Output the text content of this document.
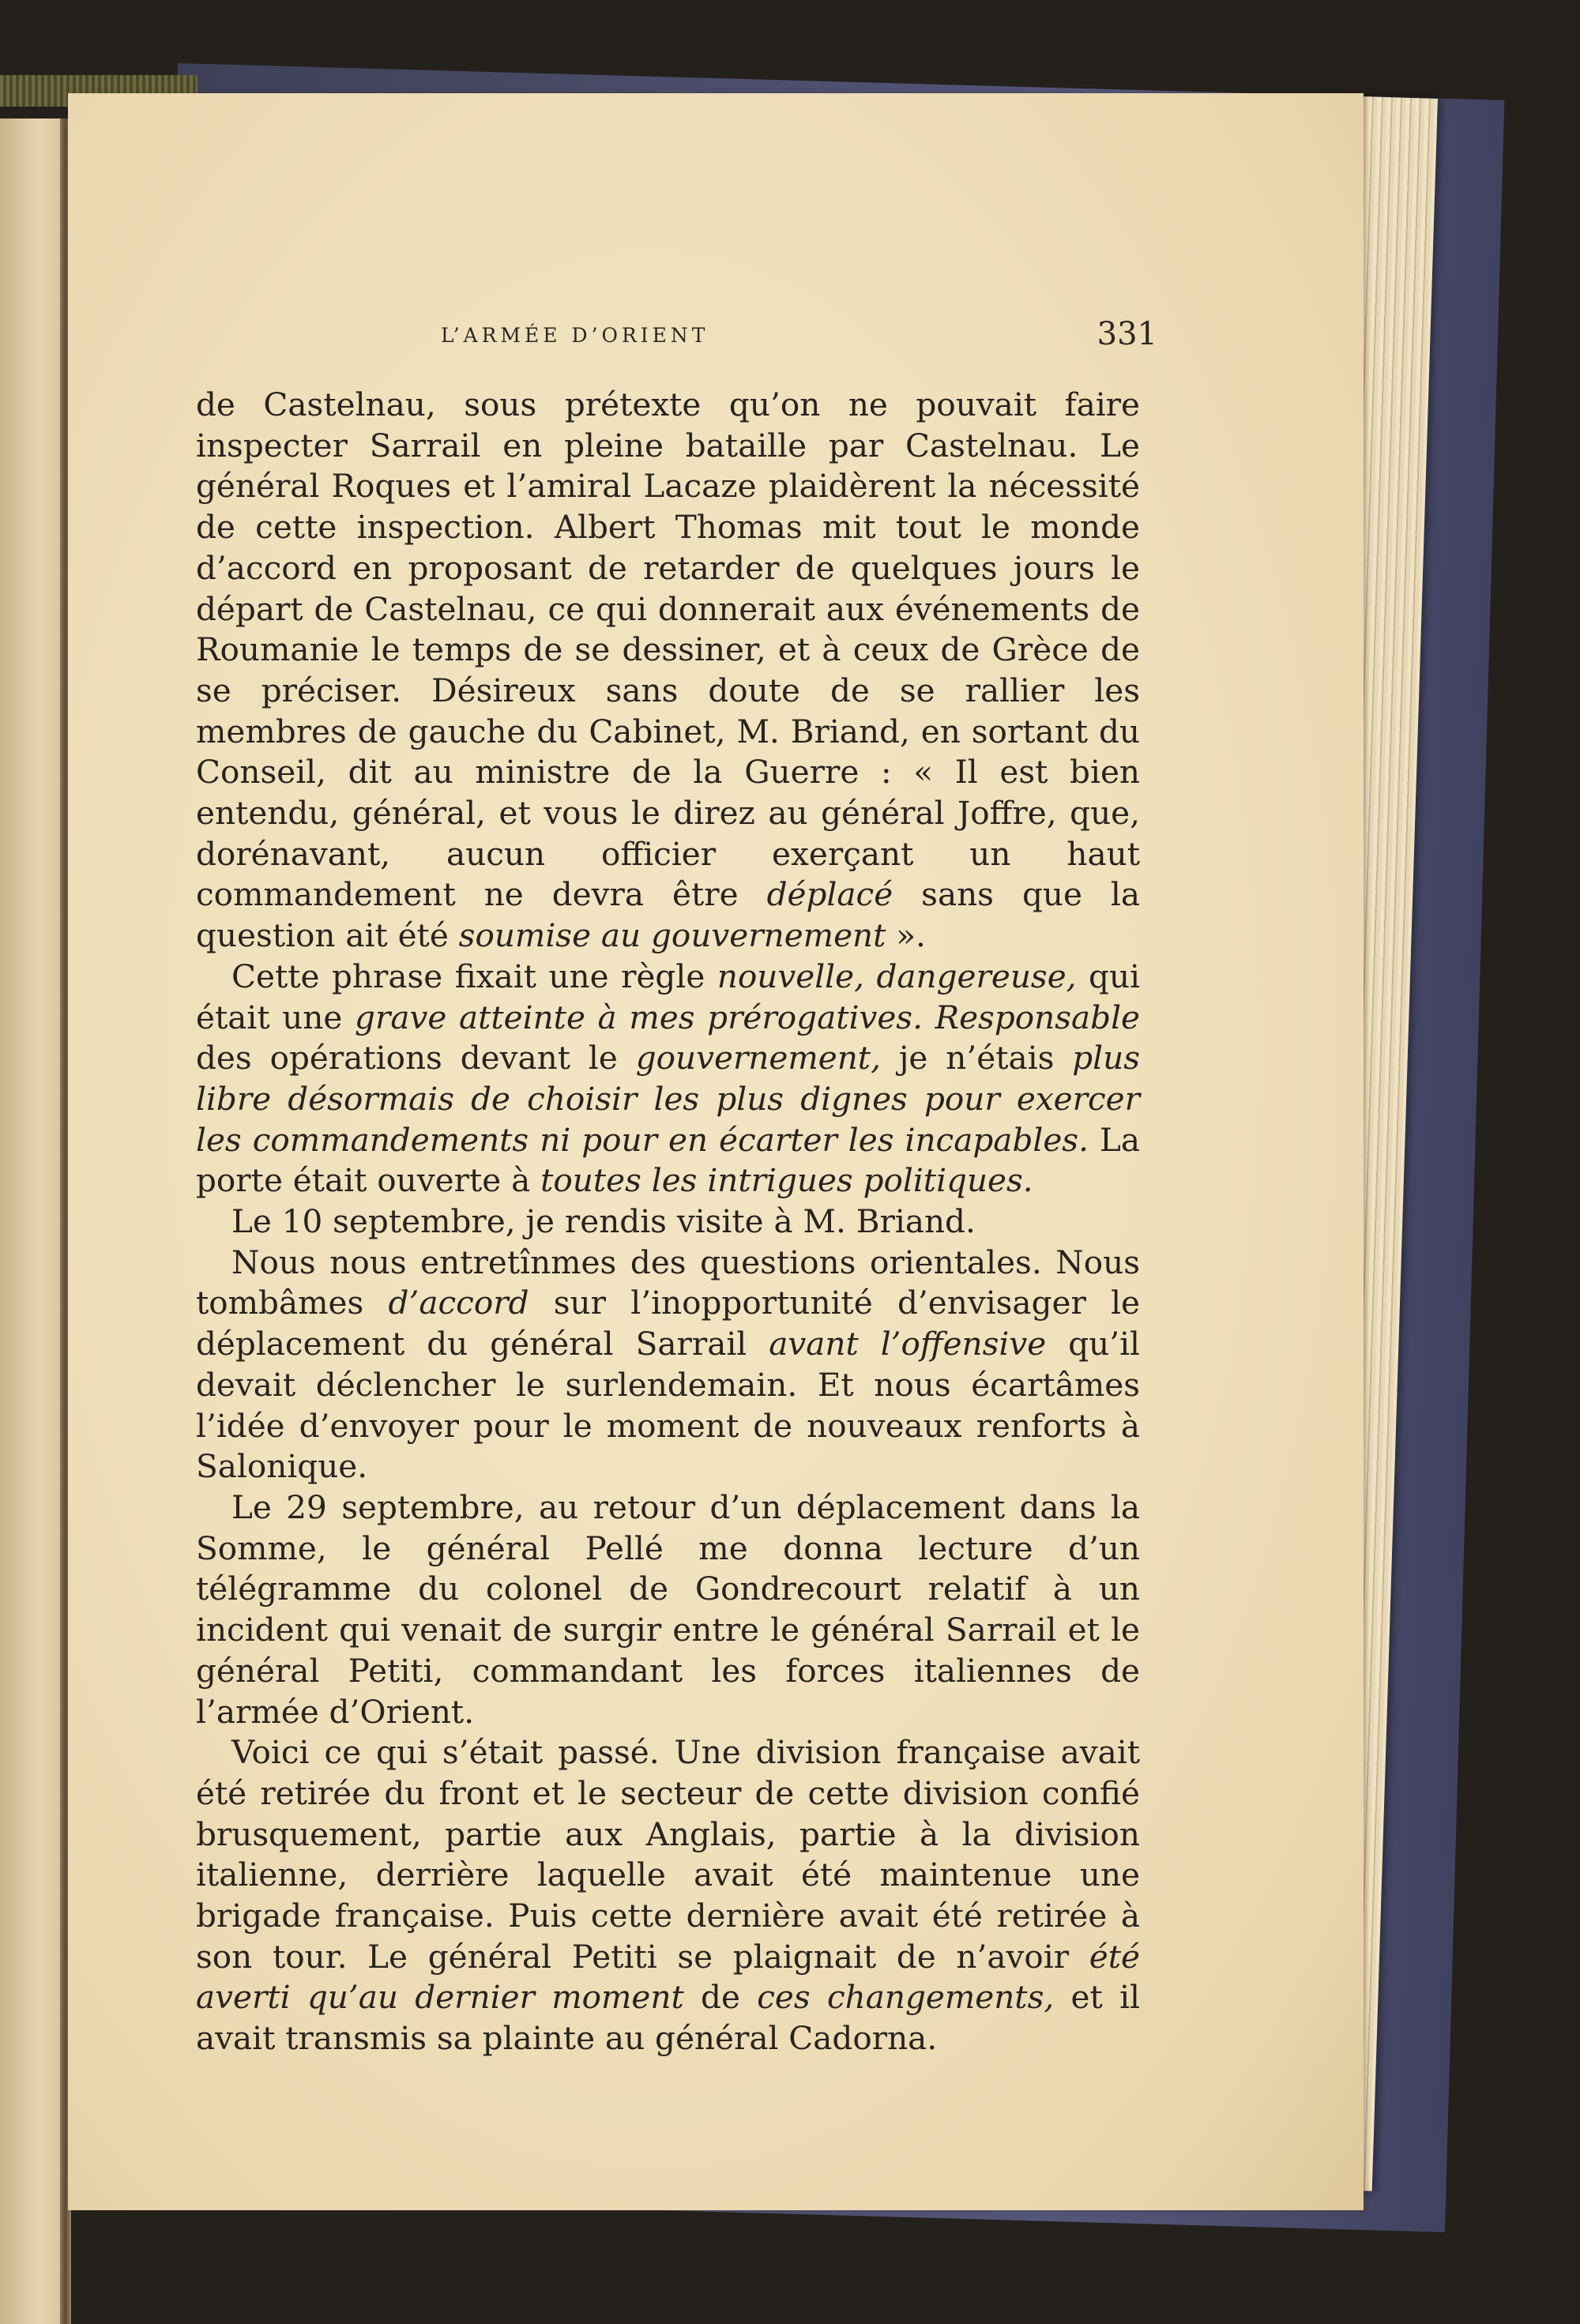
L’ARMÉE D’ORIENT	331

de Castelnau, sous prétexte qu’on ne pouvait faire inspecter Sarrail en pleine bataille par Castelnau. Le général Roques et l’amiral Lacaze plaidèrent la nécessité de cette inspection. Albert Thomas mit tout le monde d’accord en proposant de retarder de quelques jours le départ de Castelnau, ce qui donnerait aux événements de Roumanie le temps de se dessiner, et à ceux de Grèce de se préciser. Désireux sans doute de se rallier les membres de gauche du Cabinet, M. Briand, en sortant du Conseil, dit au ministre de la Guerre : « Il est bien entendu, général, et vous le direz au général Joffre, que, dorénavant, aucun officier exerçant un haut commandement ne devra être déplacé sans que la question ait été soumise au gouvernement ».

Cette phrase fixait une règle nouvelle, dangereuse, qui était une grave atteinte à mes prérogatives. Responsable des opérations devant le gouvernement, je n’étais plus libre désormais de choisir les plus dignes pour exercer les commandements ni pour en écarter les incapables. La porte était ouverte à toutes les intrigues politiques.

Le 10 septembre, je rendis visite à M. Briand.

Nous nous entretînmes des questions orientales. Nous tombâmes d’accord sur l’inopportunité d’envisager le déplacement du général Sarrail avant l’offensive qu’il devait déclencher le surlendemain. Et nous écartâmes l’idée d’envoyer pour le moment de nouveaux renforts à Salonique.

Le 29 septembre, au retour d’un déplacement dans la Somme, le général Pellé me donna lecture d’un télégramme du colonel de Gondrecourt relatif à un incident qui venait de surgir entre le général Sarrail et le général Petiti, commandant les forces italiennes de l’armée d’Orient.

Voici ce qui s’était passé. Une division française avait été retirée du front et le secteur de cette division confié brusquement, partie aux Anglais, partie à la division italienne, derrière laquelle avait été maintenue une brigade française. Puis cette dernière avait été retirée à son tour. Le général Petiti se plaignait de n’avoir été averti qu’au dernier moment de ces changements, et il avait transmis sa plainte au général Cadorna.
